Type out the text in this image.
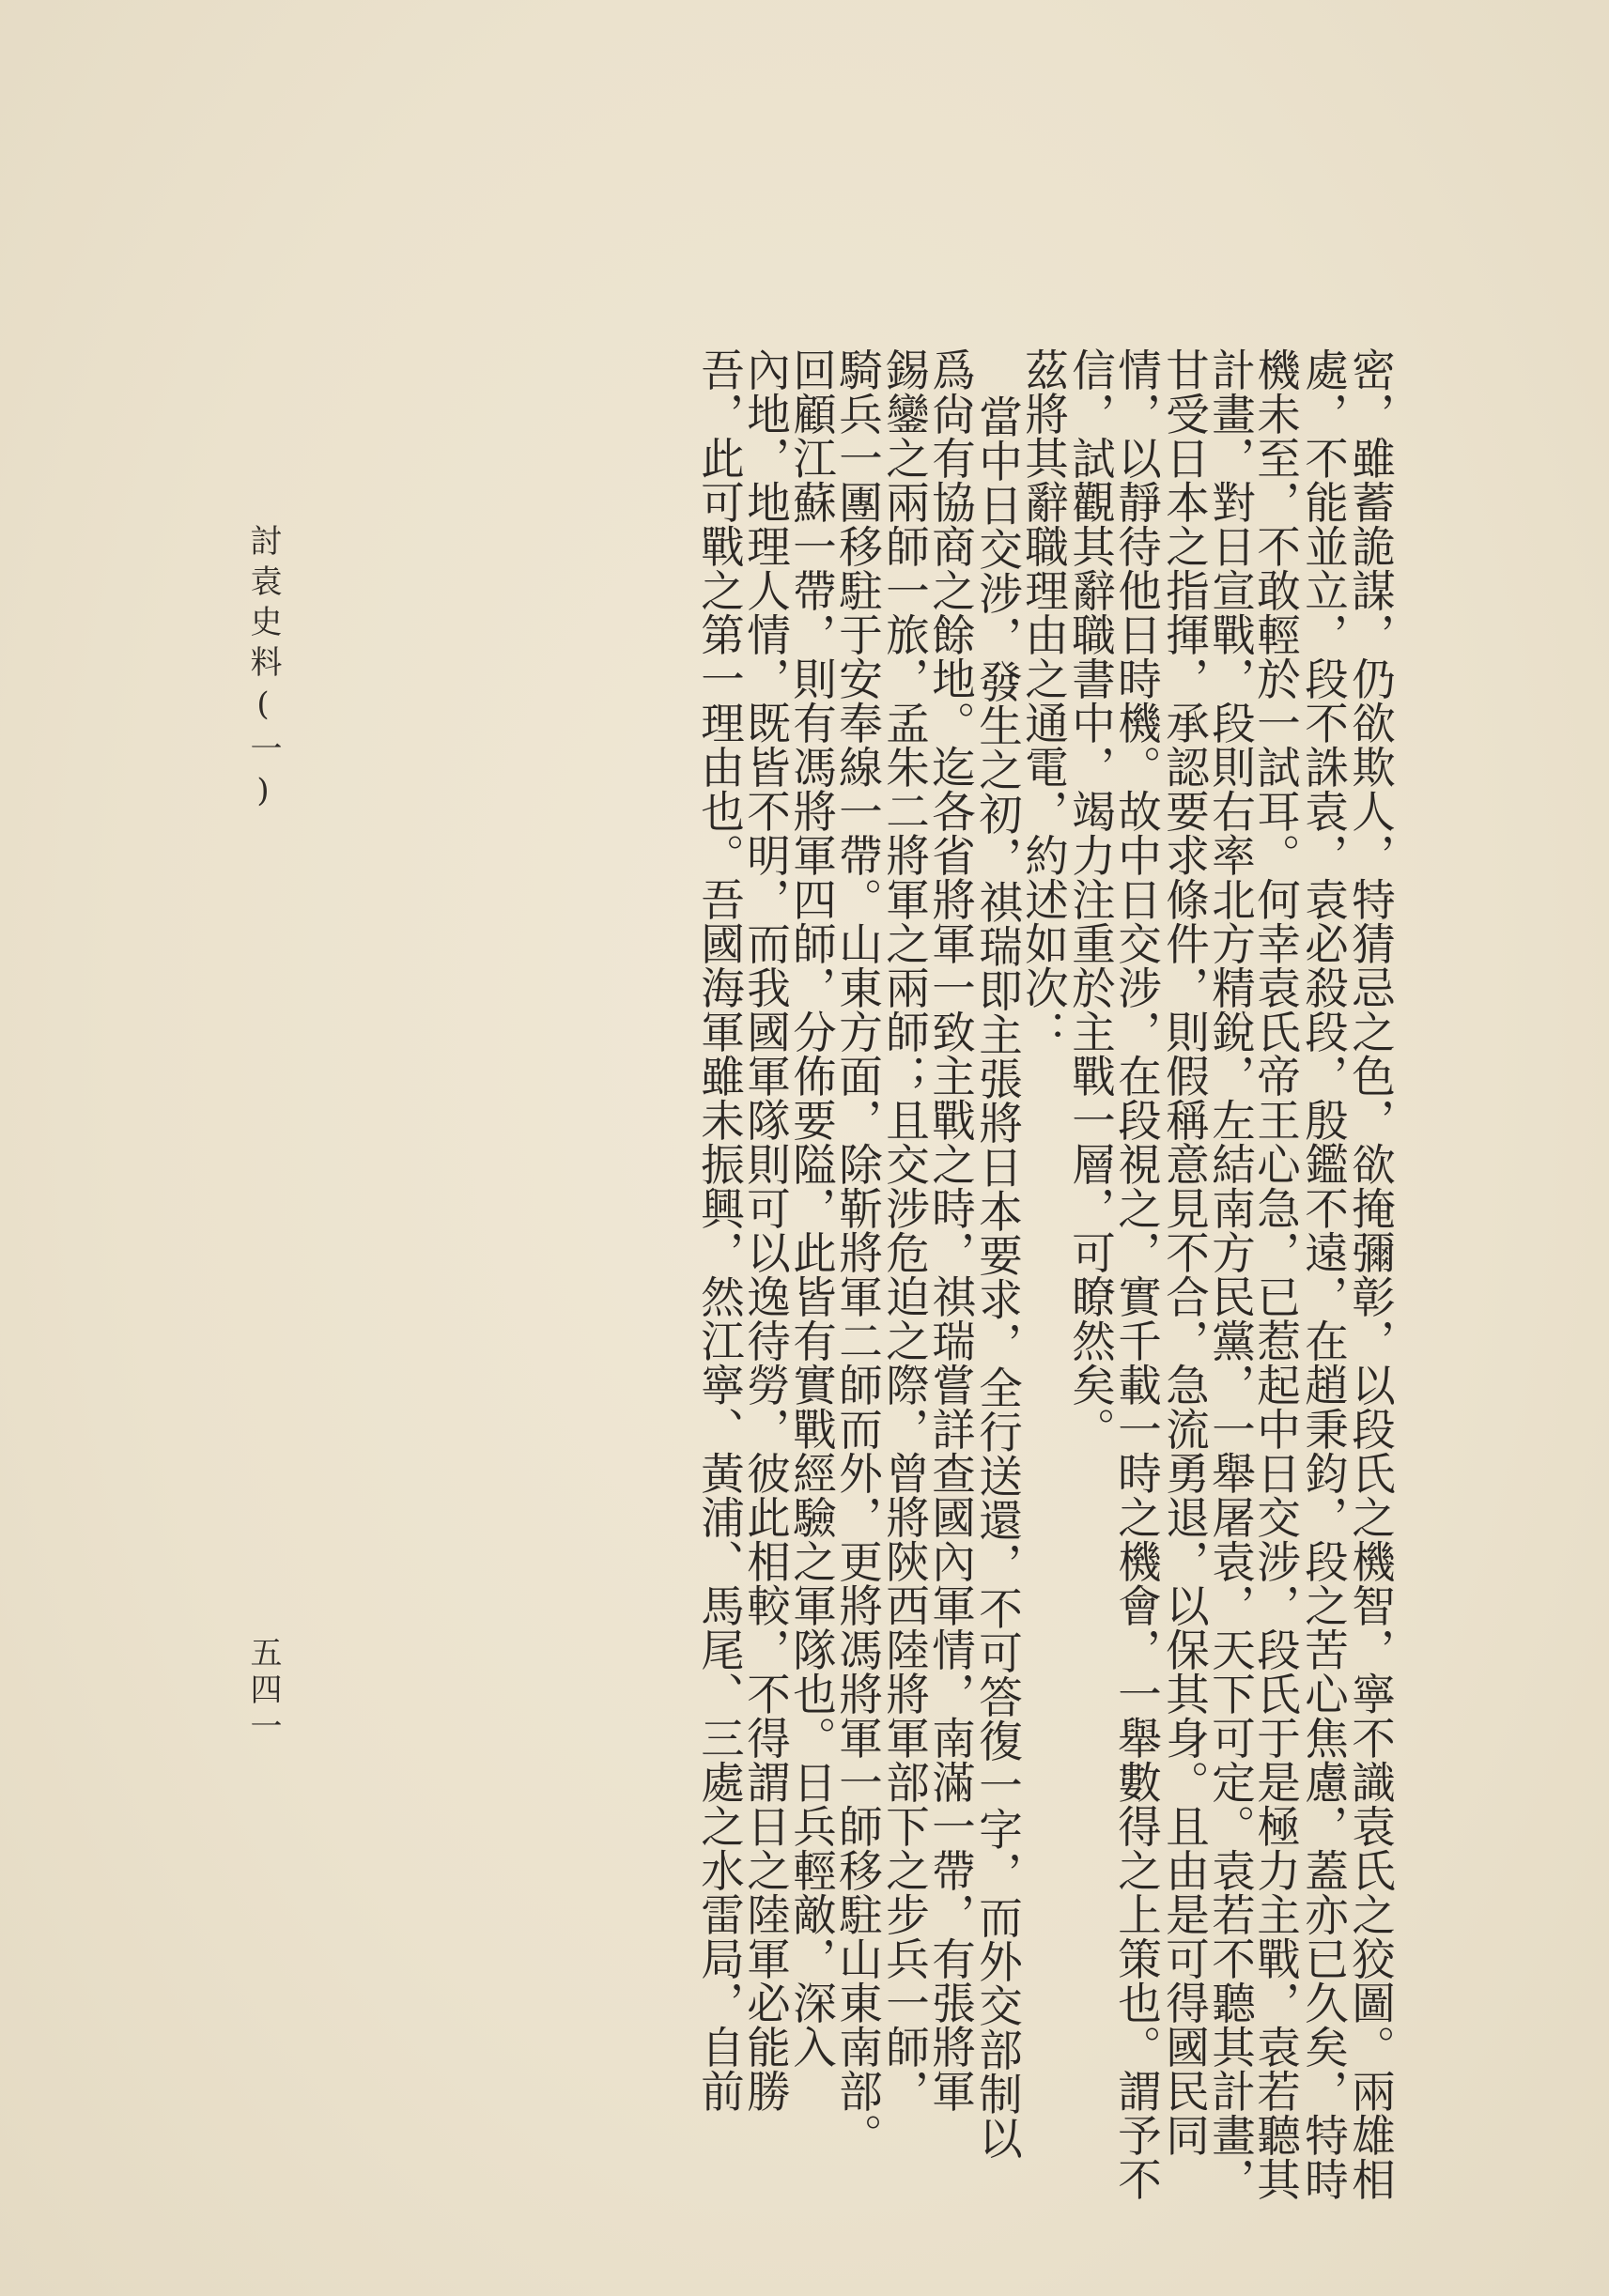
密，雖蓄詭謀，仍欲欺人，特猜忌之色，欲掩彌彰，以段氏之機智，寧不識袁氏之狡圖。兩雄相
處，不能並立，段不誅袁，袁必殺段，殷鑑不遠，在趙秉鈞，段之苦心焦慮，蓋亦已久矣，特時
機未至，不敢輕於一試耳。何幸袁氏帝王心急，已惹起中日交涉，段氏于是極力主戰，袁若聽其
計畫，對日宣戰，段則右率北方精銳，左結南方民黨，一舉屠袁，天下可定。袁若不聽其計畫，
甘受日本之指揮，承認要求條件，則假稱意見不合，急流勇退，以保其身。且由是可得國民同
情，以靜待他日時機。故中日交涉，在段視之，實千載一時之機會，一舉數得之上策也。謂予不
信，試觀其辭職書中，竭力注重於主戰一層，可瞭然矣。
茲將其辭職理由之通電，約述如次：
當中日交涉，發生之初，祺瑞即主張將日本要求，全行送還，不可答復一字，而外交部制以
爲尙有協商之餘地。迄各省將軍一致主戰之時，祺瑞嘗詳查國內軍情，南滿一帶，有張將軍
錫鑾之兩師一旅，孟朱二將軍之兩師；且交涉危迫之際，曾將陝西陸將軍部下之步兵一師，
騎兵一團移駐于安奉線一帶。山東方面，除靳將軍二師而外，更將馮將軍一師移駐山東南部。
回顧江蘇一帶，則有馮將軍四師，分佈要隘，此皆有實戰經驗之軍隊也。日兵輕敵，深入
內地，地理人情，既皆不明，而我國軍隊則可以逸待勞，彼此相較，不得謂日之陸軍必能勝
吾，此可戰之第一理由也。吾國海軍雖未振興，然江寧、黃浦、馬尾、三處之水雷局，自前
討袁史料(一)
五四一
